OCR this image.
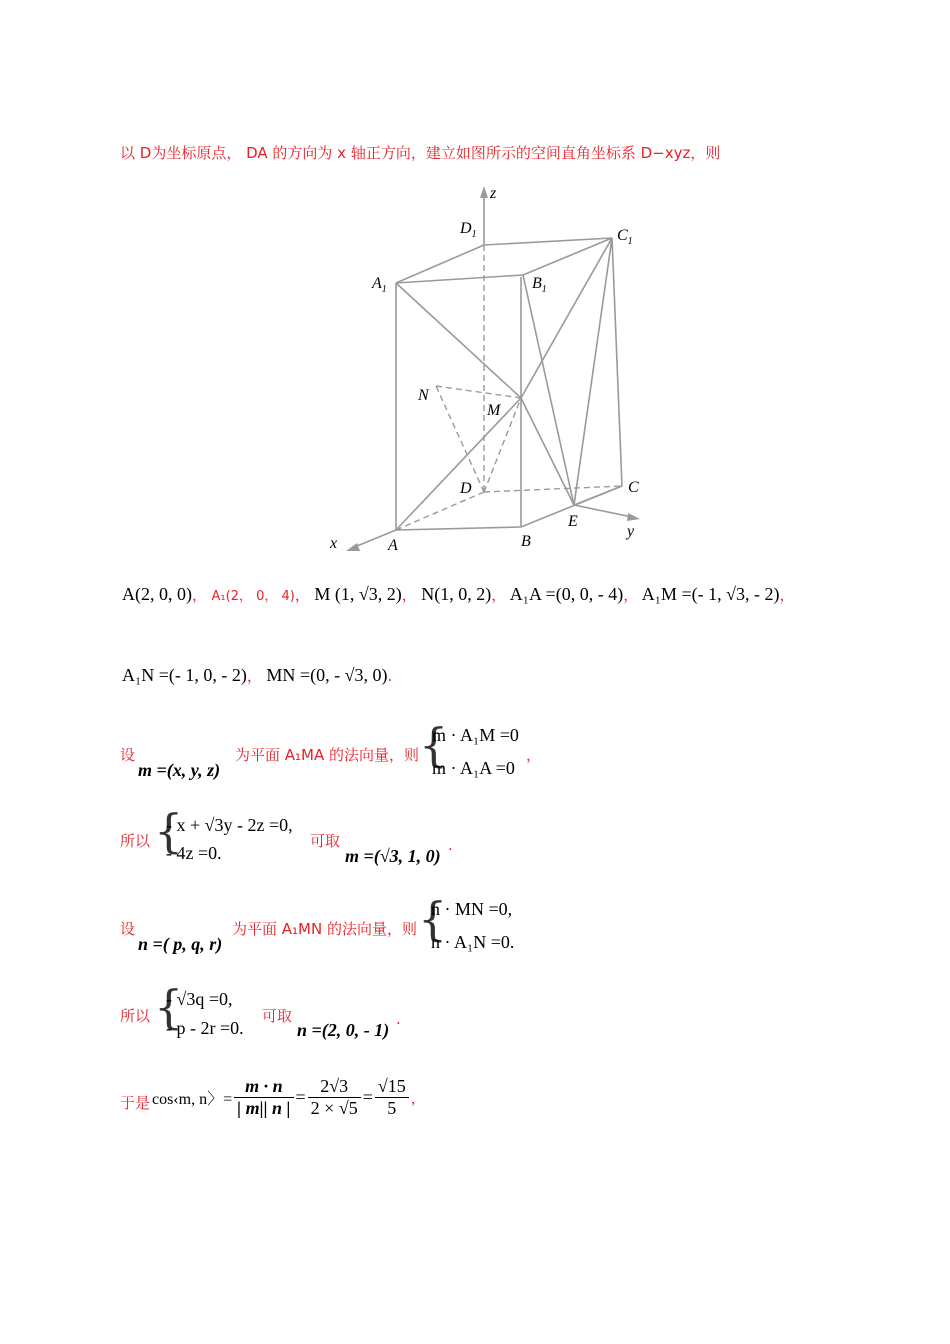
以 D为坐标原点， DA 的方向为 x 轴正方向，建立如图所示的空间直角坐标系 D−xyz，则
z
$D_1$	$C_1$
$A_1$	$B_1$
N
M
D	C
E
x	A	B
y
A(2, 0, 0)， A₁(2， 0， 4)， M (1, √3, 2)， N(1, 0, 2)， A₁A =(0, 0, - 4)， A₁M =(- 1, √3, - 2)，
A₁N =(- 1, 0, - 2)， MN =(0, - √3, 0).
设
m =(x, y, z)
为平面 A₁MA 的法向量，则 {
m · A₁M =0
m · A₁A =0
，
所以 {
- x + √3y - 2z =0,
- 4z =0.
可取
m =(√3, 1, 0)
.
设
n =( p, q, r)
为平面 A₁MN 的法向量，则 {
n · MN =0,
n · A₁N =0.
所以 {
- √3q =0,
- p - 2r =0.
可取
n =(2, 0, - 1)
.
于是 cos‹m, n〉= $\frac{m \cdot n}{| m|| n |} = \frac{2√3}{2 \times √5} = \frac{√15}{5}$ ，
